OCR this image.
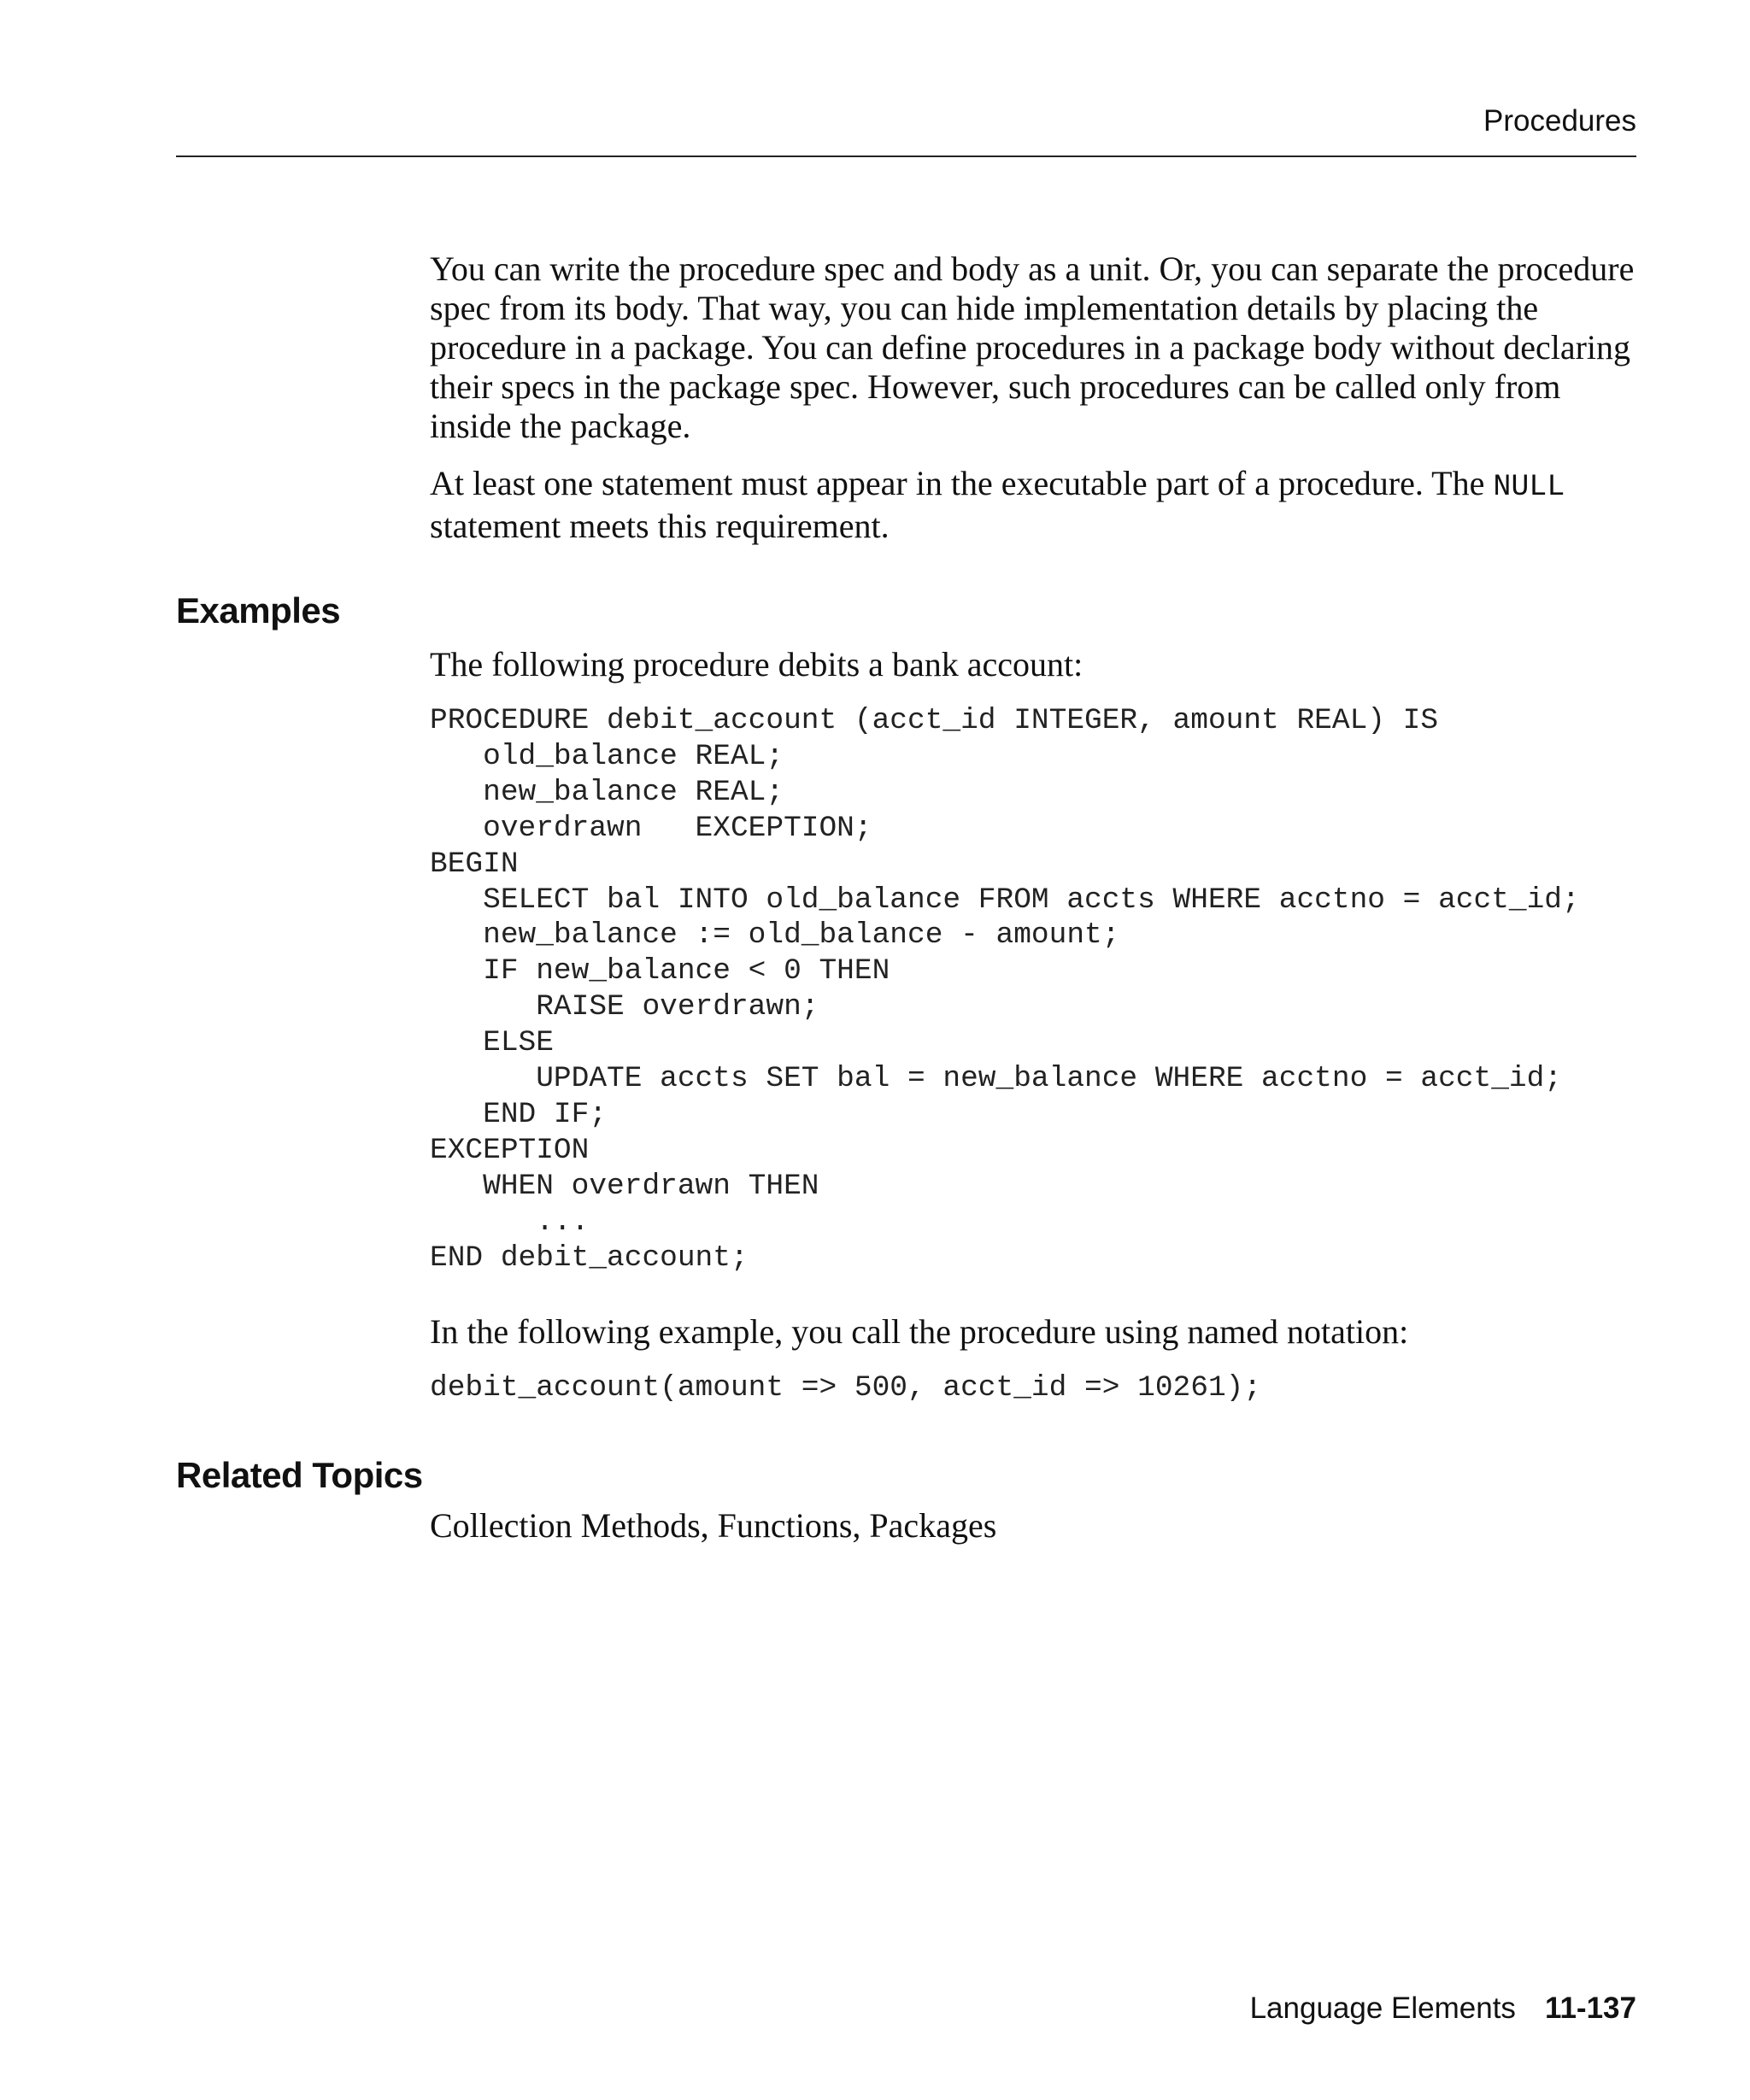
Procedures
Examples
Related Topics

You can write the procedure spec and body as a unit. Or, you can separate the procedure spec from its body. That way, you can hide implementation details by placing the procedure in a package. You can define procedures in a package body without declaring their specs in the package spec. However, such procedures can be called only from inside the package.

At least one statement must appear in the executable part of a procedure. The NULL statement meets this requirement.

The following procedure debits a bank account:

PROCEDURE debit_account (acct_id INTEGER, amount REAL) IS
old_balance REAL;
new_balance REAL;
overdrawn   EXCEPTION;
BEGIN
SELECT bal INTO old_balance FROM accts WHERE acctno = acct_id;
new_balance := old_balance - amount;
IF new_balance < 0 THEN
RAISE overdrawn;
ELSE
UPDATE accts SET bal = new_balance WHERE acctno = acct_id;
END IF;
EXCEPTION
WHEN overdrawn THEN
...
END debit_account;

In the following example, you call the procedure using named notation:

debit_account(amount => 500, acct_id => 10261);

Collection Methods, Functions, Packages

Language Elements 11-137
